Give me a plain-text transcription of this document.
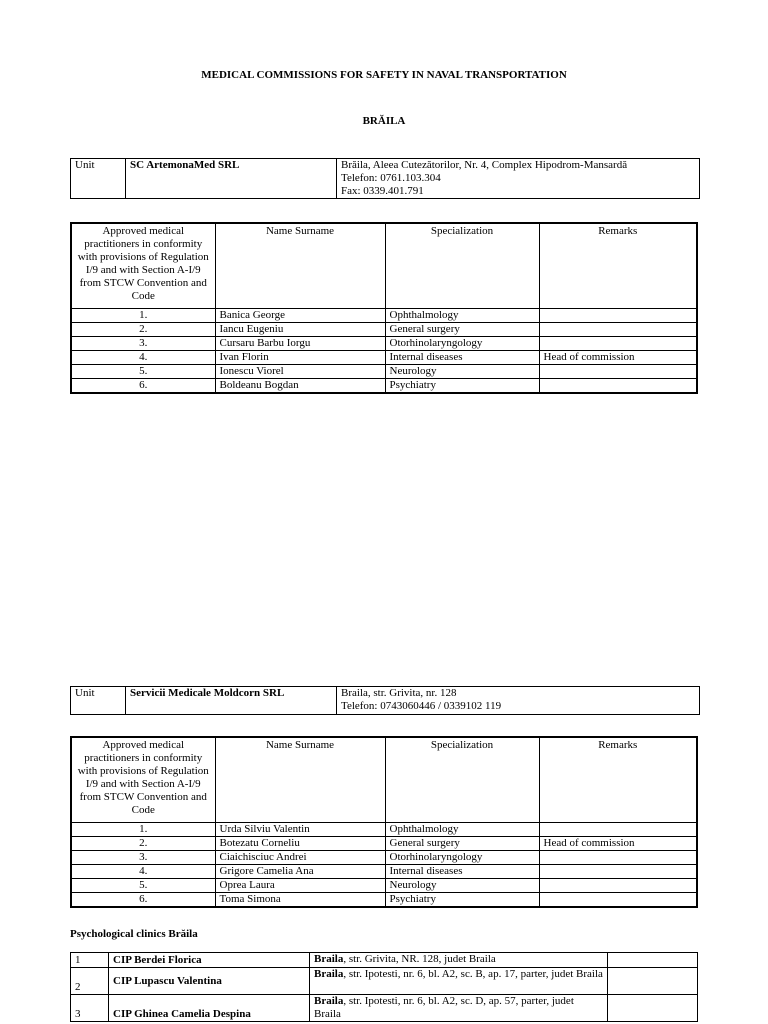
MEDICAL COMMISSIONS FOR SAFETY IN NAVAL TRANSPORTATION
BRĂILA
Unit	SC ArtemonaMed SRL	Brăila, Aleea Cutezătorilor, Nr. 4, Complex Hipodrom-Mansardă
Telefon: 0761.103.304
Fax: 0339.401.791
Approved medical practitioners in conformity with provisions of Regulation I/9 and with Section A-I/9 from STCW Convention and Code	Name Surname	Specialization	Remarks
1.	Banica George	Ophthalmology	
2.	Iancu Eugeniu	General surgery	
3.	Cursaru Barbu Iorgu	Otorhinolaryngology	
4.	Ivan Florin	Internal diseases	Head of commission
5.	Ionescu Viorel	Neurology	
6.	Boldeanu Bogdan	Psychiatry	
Unit	Servicii Medicale Moldcorn SRL	Braila, str. Grivita, nr. 128
Telefon: 0743060446 / 0339102 119
Approved medical practitioners in conformity with provisions of Regulation I/9 and with Section A-I/9 from STCW Convention and Code	Name Surname	Specialization	Remarks
1.	Urda Silviu Valentin	Ophthalmology	
2.	Botezatu Corneliu	General surgery	Head of commission
3.	Ciaichisciuc Andrei	Otorhinolaryngology	
4.	Grigore Camelia Ana	Internal diseases	
5.	Oprea Laura	Neurology	
6.	Toma Simona	Psychiatry	
Psychological clinics Brăila
1	CIP Berdei Florica	Braila, str. Grivita, NR. 128, judet Braila	
2	CIP Lupascu Valentina	Braila, str. Ipotesti, nr. 6, bl. A2, sc. B, ap. 17, parter, judet Braila	
3	CIP Ghinea Camelia Despina	Braila, str. Ipotesti, nr. 6, bl. A2, sc. D, ap. 57, parter, judet Braila	
